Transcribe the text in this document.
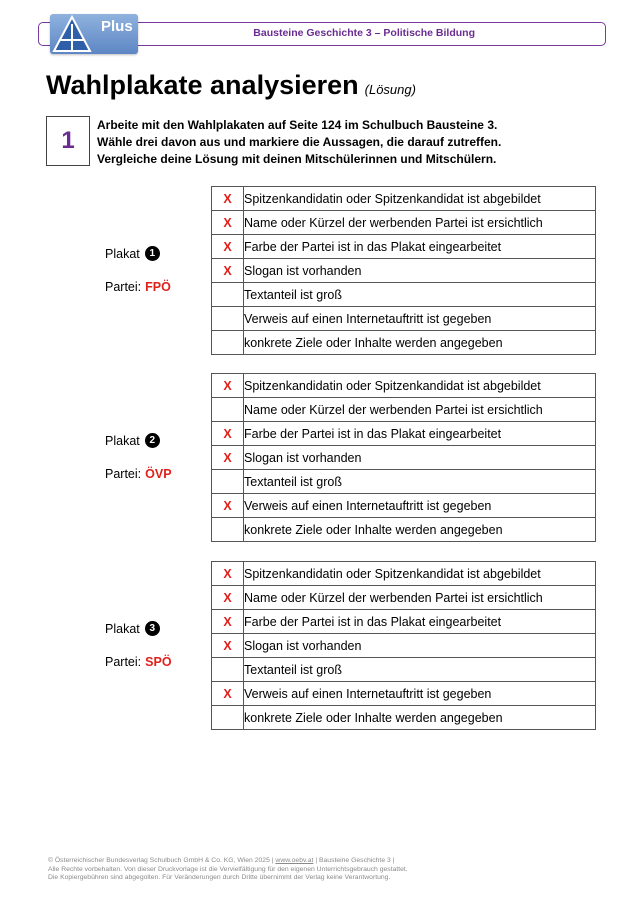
Bausteine Geschichte 3 – Politische Bildung
Plus
Wahlplakate analysieren (Lösung)
1
Arbeite mit den Wahlplakaten auf Seite 124 im Schulbuch Bausteine 3.
Wähle drei davon aus und markiere die Aussagen, die darauf zutreffen.
Vergleiche deine Lösung mit deinen Mitschülerinnen und Mitschülern.
Plakat 1
Partei: FPÖ
X	Spitzenkandidatin oder Spitzenkandidat ist abgebildet
X	Name oder Kürzel der werbenden Partei ist ersichtlich
X	Farbe der Partei ist in das Plakat eingearbeitet
X	Slogan ist vorhanden
	Textanteil ist groß
	Verweis auf einen Internetauftritt ist gegeben
	konkrete Ziele oder Inhalte werden angegeben
Plakat 2
Partei: ÖVP
X	Spitzenkandidatin oder Spitzenkandidat ist abgebildet
	Name oder Kürzel der werbenden Partei ist ersichtlich
X	Farbe der Partei ist in das Plakat eingearbeitet
X	Slogan ist vorhanden
	Textanteil ist groß
X	Verweis auf einen Internetauftritt ist gegeben
	konkrete Ziele oder Inhalte werden angegeben
Plakat 3
Partei: SPÖ
X	Spitzenkandidatin oder Spitzenkandidat ist abgebildet
X	Name oder Kürzel der werbenden Partei ist ersichtlich
X	Farbe der Partei ist in das Plakat eingearbeitet
X	Slogan ist vorhanden
	Textanteil ist groß
X	Verweis auf einen Internetauftritt ist gegeben
	konkrete Ziele oder Inhalte werden angegeben
© Österreichischer Bundesverlag Schulbuch GmbH & Co. KG, Wien 2025 | www.oebv.at | Bausteine Geschichte 3 |
Alle Rechte vorbehalten. Von dieser Druckvorlage ist die Vervielfältigung für den eigenen Unterrichtsgebrauch gestattet.
Die Kopiergebühren sind abgegolten. Für Veränderungen durch Dritte übernimmt der Verlag keine Verantwortung.
